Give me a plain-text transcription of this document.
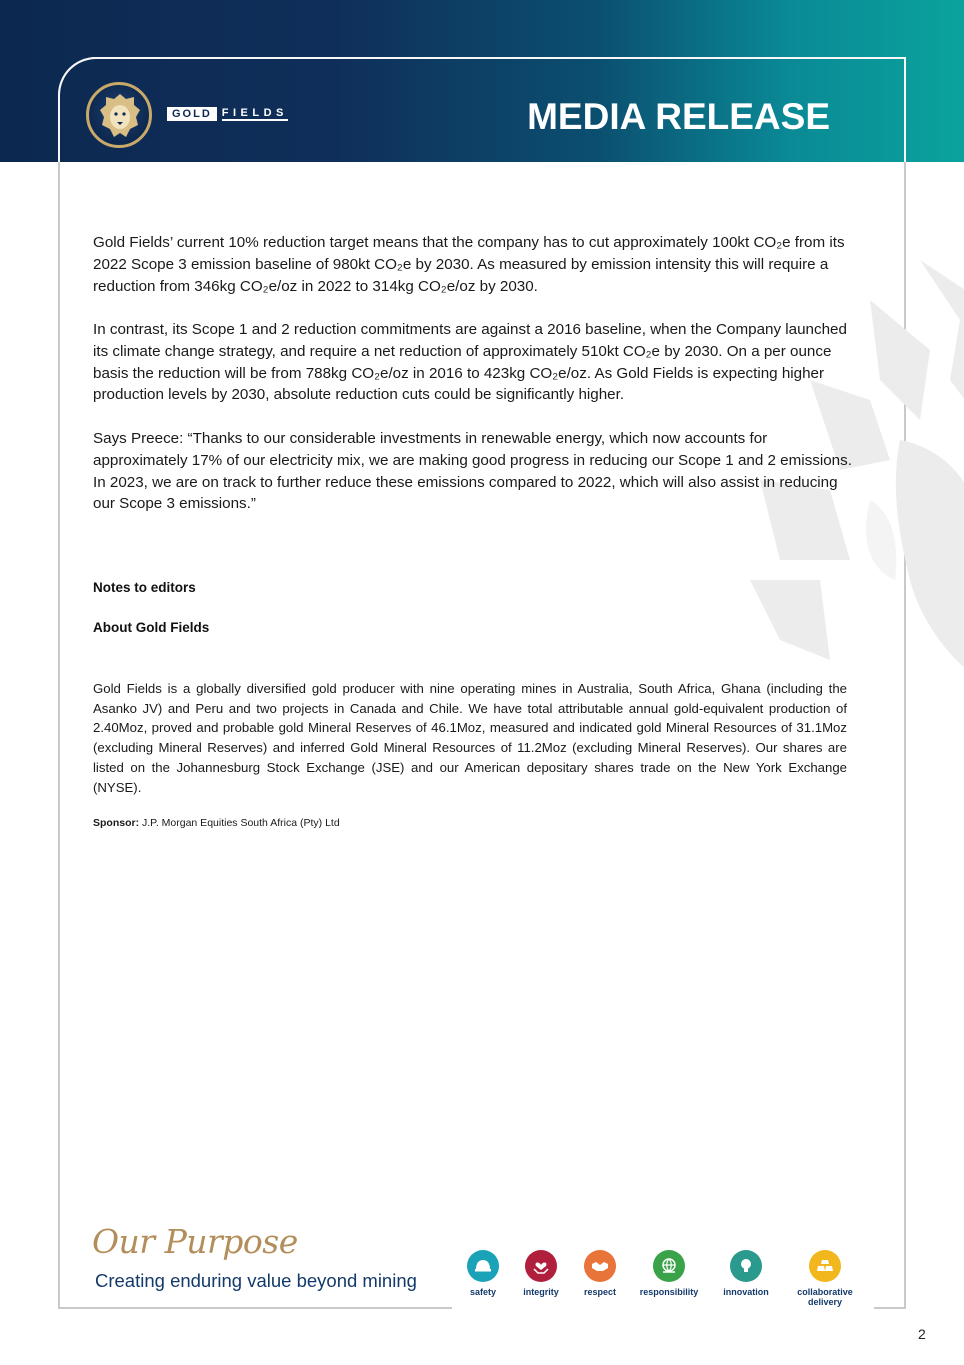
GOLD FIELDS	MEDIA RELEASE
Gold Fields’ current 10% reduction target means that the company has to cut approximately 100kt CO₂e from its 2022 Scope 3 emission baseline of 980kt CO₂e by 2030. As measured by emission intensity this will require a reduction from 346kg CO₂e/oz in 2022 to 314kg CO₂e/oz by 2030.
In contrast, its Scope 1 and 2 reduction commitments are against a 2016 baseline, when the Company launched its climate change strategy, and require a net reduction of approximately 510kt CO₂e by 2030. On a per ounce basis the reduction will be from 788kg CO₂e/oz in 2016 to 423kg CO₂e/oz. As Gold Fields is expecting higher production levels by 2030, absolute reduction cuts could be significantly higher.
Says Preece: “Thanks to our considerable investments in renewable energy, which now accounts for approximately 17% of our electricity mix, we are making good progress in reducing our Scope 1 and 2 emissions. In 2023, we are on track to further reduce these emissions compared to 2022, which will also assist in reducing our Scope 3 emissions.”
Notes to editors
About Gold Fields
Gold Fields is a globally diversified gold producer with nine operating mines in Australia, South Africa, Ghana (including the Asanko JV) and Peru and two projects in Canada and Chile. We have total attributable annual gold-equivalent production of 2.40Moz, proved and probable gold Mineral Reserves of 46.1Moz, measured and indicated gold Mineral Resources of 31.1Moz (excluding Mineral Reserves) and inferred Gold Mineral Resources of 11.2Moz (excluding Mineral Reserves). Our shares are listed on the Johannesburg Stock Exchange (JSE) and our American depositary shares trade on the New York Exchange (NYSE).
Sponsor: J.P. Morgan Equities South Africa (Pty) Ltd
Our Purpose
Creating enduring value beyond mining
safety	integrity	respect	responsibility	innovation	collaborative delivery
2
